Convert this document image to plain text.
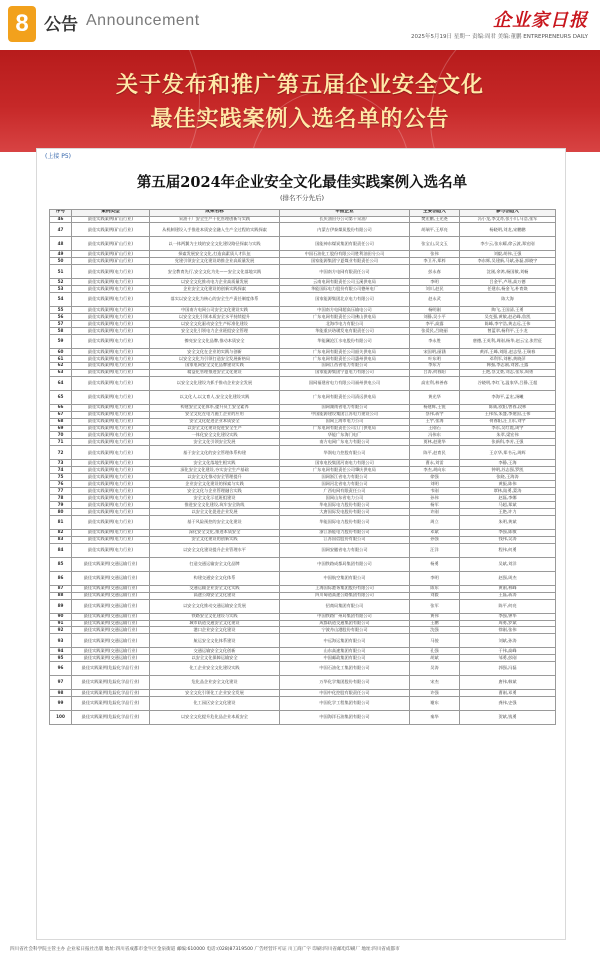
8 公告 Announcement	企业家日报
2025年5月19日 星期一 责编:周君 美编:董鹏 ENTREPRENEURS DAILY
关于发布和推广第五届企业安全文化
最佳实践案例入选名单的公告
(上接 P5)
第五届2024年企业安全文化最佳实践案例入选名单
(排名不分先后)
序号	案例类型	成果名称	申报企业	主要创造人	参与创造人
46	最佳实践案例(矿山行业)	采油十厂安全生产十化管理创新与实践	长庆油田分公司第十采油厂	樊宏鹏,王光尧	冯小龙,李文奇,张小川,马浩,张军
47	最佳实践案例(矿山行业)	从机制建设入手推进本质安全融入生产全过程的实践探索	内蒙古伊泰煤炭股份有限公司	胡瑞平,王厚亮	杨晓明,刘龙,宋鹏鹏
48	最佳实践案例(矿山行业)	以一体两翼为主线的安全文化建设路径探索与实践	国能神东煤炭集团有限责任公司	张宝山,吴文玉	李少云,张东耀,徐云波,郑宏刚
49	最佳实践案例(矿山行业)	探索发展安全文化,打造高素质人才队伍	中国石油化工股份有限公司胜利油田分公司	张伟	刘毅,胡伟,王强
50	最佳实践案例(矿山行业)	党建引领安全文化建设助推企业高质量发展	国家能源集团宁夏煤业有限责任公司	李卫开,郑梓	李东辉,吴建新,马斌,孙磊,郭晓宇
51	最佳实践案例(电力行业)	安全教育先行,安全文化为先——安全文化落地实践	中国南方电网有限责任公司	彭永春	沈刚,余鸿,杨国敏,刘畅
52	最佳实践案例(电力行业)	以安全文化推动电力企业高质量发展	云南电网有限责任公司玉溪供电局	李明	吕金平,卢瑶,高万德
53	最佳实践案例(电力行业)	企业安全文化建设的创新实践探索	华能国际电力股份有限公司德州电厂	刘川,赵民	任建东,杨金飞,朴育焕
54	最佳实践案例(电力行业)	落实以安全文化为核心的安全生产责任制度体系	国家能源集团北京电力有限公司	赵永武	陈大海
55	最佳实践案例(电力行业)	中国南方电网公司安全文化建设实践	中国南方电网超高压输电公司	杨明刚	陶飞,王国清,王勇
56	最佳实践案例(电力行业)	以安全文化引领本质安全水平持续提升	广东电网有限责任公司佛山供电局	刘静,吴小平	吴克强,黄敏,赵必峰,詹凯
57	最佳实践案例(电力行业)	以安全文化驱动安全生产标准化建设	北海市电力有限公司	李平,高露	陈峰,李宇浩,黄志远,王伟
58	最佳实践案例(电力行业)	安全文化引领电力企业班组安全管理	华能重庆珞璜发电有限责任公司	张爱民,吕晓丽	曾蓝翠,杨利平,王小龙
59	最佳实践案例(电力行业)	擦亮安全文化品牌,推动本质安全	华能澜沧江水电股份有限公司	李永胜	唐德,王英利,周刚,杨华,赵云宝,张世征
60	最佳实践案例(电力行业)	安全文化在企业的实践与创新	广东电网有限责任公司韶关供电局	宋国明,丽涵	黄祥,王峰,刘阳,赵志坚,王瑞春
61	最佳实践案例(电力行业)	以安全文化为引领打造安全发展新格局	广东电网有限责任公司惠州供电局	叶东明	邓利军,刘彬,黄晓萍
62	最佳实践案例(电力行业)	国家电网安全文化品牌建设实践	国网江西省电力有限公司	李东方	韩强,李志刚,刘茜,王露
63	最佳实践案例(电力行业)	精益化管理推进安全文化建设	国家能源集团宁夏电力有限公司	吕涛,何春阳	王艳,蔡文豪,刘志,张东,周勇
64	最佳实践案例(电力行业)	以安全文化建设为抓手推动企业安全发展	国网福建省电力有限公司福州供电公司	高宏利,林善春	谷晓明,李红飞,温家华,吕静,王超
65	最佳实践案例(电力行业)	以文化人,以文育人,安全文化建设实践	广东电网有限责任公司清远供电局	黄光华	李海平,孟宏,汤曦
66	最佳实践案例(电力行业)	构建安全文化体系,提升员工安全素养	国网湖南省电力有限公司	杨建辉,王锐	陈威,欧阳,曾春,段林
67	最佳实践案例(电力行业)	安全文化在电力施工企业的应用	中国能源建设集团江苏电力建设公司	蔡伟,蒋宇	王伟东,朱盛,李建国,王伟
68	最佳实践案例(电力行业)	安全文化促进企业本质安全	国网上海市电力公司	王宇,张海	何春阳,汪卫东,刘宇
69	最佳实践案例(电力行业)	以安全文化建设促进安全生产	广东电网有限责任公司江门供电局	王刚石	李东,吴红霞,周宇
70	最佳实践案例(电力行业)	一体化安全文化建设实践	华能广东海门电厂	冯伟东	朱翠,梁宏伟
71	最佳实践案例(电力行业)	安全文化引领安全发展	南方电网广东电力有限公司	贾林,赵建华	张新科,李芳,王强
72	最佳实践案例(电力行业)	基于安全文化的安全管理体系构建	华润电力控股有限公司	陈平,赵育民	王京华,郑书元,周辉
73	最佳实践案例(电力行业)	安全文化落地生根实践	国家电投集团河南电力有限公司	曹永,刘雷	李静,王海
74	最佳实践案例(电力行业)	深化安全文化建设,夯实安全生产基础	广东电网有限责任公司肇庆供电局	李杰,胡向东	钟明,苏志强,罗凯
75	最佳实践案例(电力行业)	以安全文化推动安全管理提升	国网浙江省电力有限公司	徐强	张晓,王海涛
76	最佳实践案例(电力行业)	企业安全文化建设的探索与实践	国网河北省电力有限公司	刘明	黄振,陈伟
77	最佳实践案例(电力行业)	安全文化与企业管理融合实践	广西电网有限责任公司	韦刚	覃林,陆勇,蒙涛
78	最佳实践案例(电力行业)	安全文化示范班组建设	国网山东省电力公司	孙伟	赵磊,李娜
79	最佳实践案例(电力行业)	推进安全文化建设,筑牢安全防线	华电国际电力股份有限公司	杨军	马超,郑斌
80	最佳实践案例(电力行业)	以安全文化促进企业发展	大唐国际发电股份有限公司	许刚	王艳,许力
81	最佳实践案例(电力行业)	基于风险预控的安全文化建设	华能国际电力股份有限公司	周立	朱明,黄斌
82	最佳实践案例(电力行业)	深化安全文化,推进本质安全	浙江浙能电力股份有限公司	邓斌	李强,陈敏
83	最佳实践案例(电力行业)	安全文化建设的创新实践	江苏国信股份有限公司	孙强	钱伟,吴涛
84	最佳实践案例(电力行业)	以安全文化建设提升企业管理水平	国网安徽省电力有限公司	汪洋	程伟,何勇
85	最佳实践案例(交通运输行业)	打造交通运输安全文化品牌	中国铁路成都局集团有限公司	杨勇	吴斌,刘洋
86	最佳实践案例(交通运输行业)	构建交通安全文化体系	中国航空集团有限公司	李明	赵强,周杰
87	最佳实践案例(交通运输行业)	交通运输企业安全文化实践	上海国际港务集团股份有限公司	陈东	黄刚,林峰
88	最佳实践案例(交通运输行业)	高速公路安全文化建设	四川蜀道高速公路集团有限公司	刘毅	王磊,蒋涛
89	最佳实践案例(交通运输行业)	以安全文化推动交通运输安全发展	招商局集团有限公司	张军	陈平,何亮
90	最佳实践案例(交通运输行业)	铁路安全文化建设与实践	中国铁路广州局集团有限公司	黄伟	李强,钟华
91	最佳实践案例(交通运输行业)	城市轨道交通安全文化建设	成都轨道交通集团有限公司	王鹏	周勇,罗斌
92	最佳实践案例(交通运输行业)	港口企业安全文化建设	宁波舟山港股份有限公司	沈强	徐刚,张伟
93	最佳实践案例(交通运输行业)	航运安全文化体系建设	中远海运集团有限公司	马骏	刘斌,孙涛
94	最佳实践案例(交通运输行业)	交通运输安全文化创新	山东高速集团有限公司	孔强	于伟,高峰
95	最佳实践案例(交通运输行业)	以安全文化保障运输安全	中国邮政集团有限公司	胡斌	邹勇,彭刚
96	最佳实践案例(危险化学品行业)	化工企业安全文化建设实践	中国石油化工集团有限公司	吴涛	郭强,冯磊
97	最佳实践案例(危险化学品行业)	危化品企业安全文化建设	万华化学集团股份有限公司	宋杰	唐伟,韩斌
98	最佳实践案例(危险化学品行业)	安全文化引领化工企业安全发展	中国中化控股有限责任公司	许强	曹刚,邓勇
99	最佳实践案例(危险化学品行业)	化工园区安全文化建设	中国化学工程集团有限公司	谢东	龚伟,史强
100	最佳实践案例(危险化学品行业)	以安全文化提升危化品企业本质安全	中国海洋石油集团有限公司	秦华	贺斌,钱勇
四川省社会科学院主管主办 企业家日报社出版 地址:四川省成都市金牛区金泉街道 邮编:610000 电话:(028)87319500 广告经营许可证 川工商广字 印刷:四川省邮电印刷厂 地址:四川省成都市
